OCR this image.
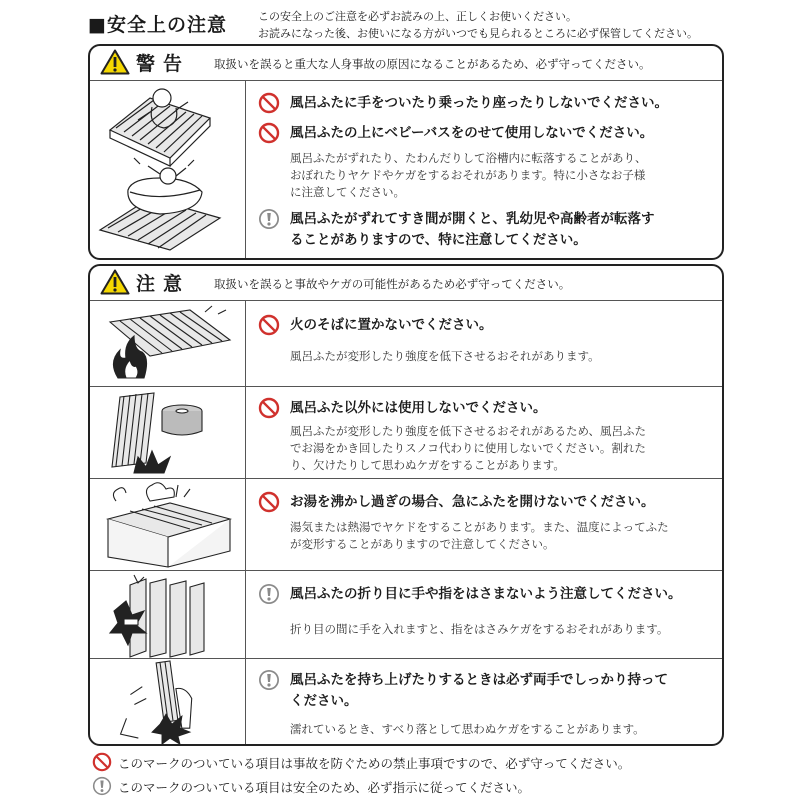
■安全上の注意	この安全上のご注意を必ずお読みの上、正しくお使いください。
お読みになった後、お使いになる方がいつでも見られるところに必ず保管してください。
警告 取扱いを誤ると重大な人身事故の原因になることがあるため、必ず守ってください。
風呂ふたに手をついたり乗ったり座ったりしないでください。
風呂ふたの上にベビーバスをのせて使用しないでください。
風呂ふたがずれたり、たわんだりして浴槽内に転落することがあり、
おぼれたりヤケドやケガをするおそれがあります。特に小さなお子様
に注意してください。
風呂ふたがずれてすき間が開くと、乳幼児や高齢者が転落す
ることがありますので、特に注意してください。
注意 取扱いを誤ると事故やケガの可能性があるため必ず守ってください。
火のそばに置かないでください。
風呂ふたが変形したり強度を低下させるおそれがあります。
風呂ふた以外には使用しないでください。
風呂ふたが変形したり強度を低下させるおそれがあるため、風呂ふた
でお湯をかき回したりスノコ代わりに使用しないでください。割れた
り、欠けたりして思わぬケガをすることがあります。
お湯を沸かし過ぎの場合、急にふたを開けないでください。
湯気または熱湯でヤケドをすることがあります。また、温度によってふた
が変形することがありますので注意してください。
風呂ふたの折り目に手や指をはさまないよう注意してください。
折り目の間に手を入れますと、指をはさみケガをするおそれがあります。
風呂ふたを持ち上げたりするときは必ず両手でしっかり持って
ください。
濡れているとき、すべり落として思わぬケガをすることがあります。
このマークのついている項目は事故を防ぐための禁止事項ですので、必ず守ってください。
このマークのついている項目は安全のため、必ず指示に従ってください。
